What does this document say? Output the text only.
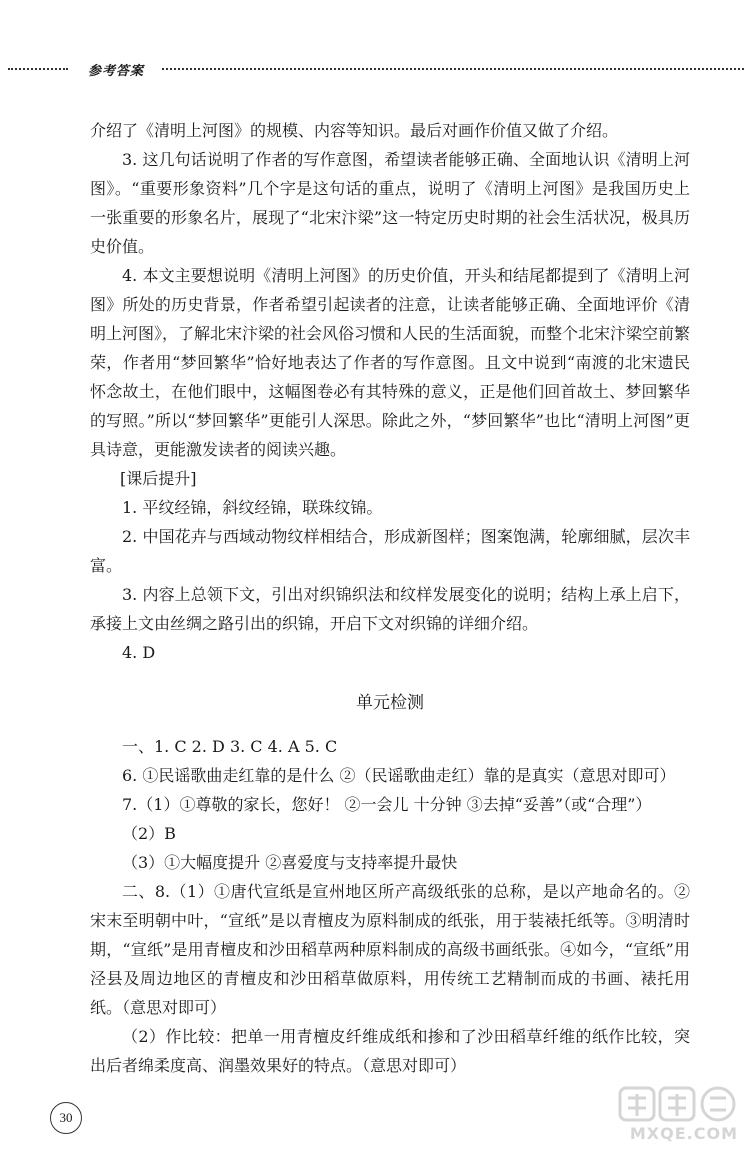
参考答案

介绍了《清明上河图》的规模、内容等知识。最后对画作价值又做了介绍。

3. 这几句话说明了作者的写作意图，希望读者能够正确、全面地认识《清明上河图》。“重要形象资料”几个字是这句话的重点，说明了《清明上河图》是我国历史上一张重要的形象名片，展现了“北宋汴梁”这一特定历史时期的社会生活状况，极具历史价值。

4. 本文主要想说明《清明上河图》的历史价值，开头和结尾都提到了《清明上河图》所处的历史背景，作者希望引起读者的注意，让读者能够正确、全面地评价《清明上河图》，了解北宋汴梁的社会风俗习惯和人民的生活面貌，而整个北宋汴梁空前繁荣，作者用“梦回繁华”恰好地表达了作者的写作意图。且文中说到“南渡的北宋遗民怀念故土，在他们眼中，这幅图卷必有其特殊的意义，正是他们回首故土、梦回繁华的写照。”所以“梦回繁华”更能引人深思。除此之外，“梦回繁华”也比“清明上河图”更具诗意，更能激发读者的阅读兴趣。

[课后提升]

1. 平纹经锦，斜纹经锦，联珠纹锦。

2. 中国花卉与西域动物纹样相结合，形成新图样；图案饱满，轮廓细腻，层次丰富。

3. 内容上总领下文，引出对织锦织法和纹样发展变化的说明；结构上承上启下，承接上文由丝绸之路引出的织锦，开启下文对织锦的详细介绍。

4. D

单元检测

一、1. C 2. D 3. C 4. A 5. C

6. ①民谣歌曲走红靠的是什么 ②（民谣歌曲走红）靠的是真实（意思对即可）

7.（1）①尊敬的家长，您好！ ②一会儿 十分钟 ③去掉“妥善”（或“合理”）

（2）B

（3）①大幅度提升 ②喜爱度与支持率提升最快

二、8.（1）①唐代宣纸是宣州地区所产高级纸张的总称，是以产地命名的。②宋末至明朝中叶，“宣纸”是以青檀皮为原料制成的纸张，用于装裱托纸等。③明清时期，“宣纸”是用青檀皮和沙田稻草两种原料制成的高级书画纸张。④如今，“宣纸”用泾县及周边地区的青檀皮和沙田稻草做原料，用传统工艺精制而成的书画、裱托用纸。（意思对即可）

（2）作比较：把单一用青檀皮纤维成纸和掺和了沙田稻草纤维的纸作比较，突出后者绵柔度高、润墨效果好的特点。（意思对即可）

30
MXQE.COM
